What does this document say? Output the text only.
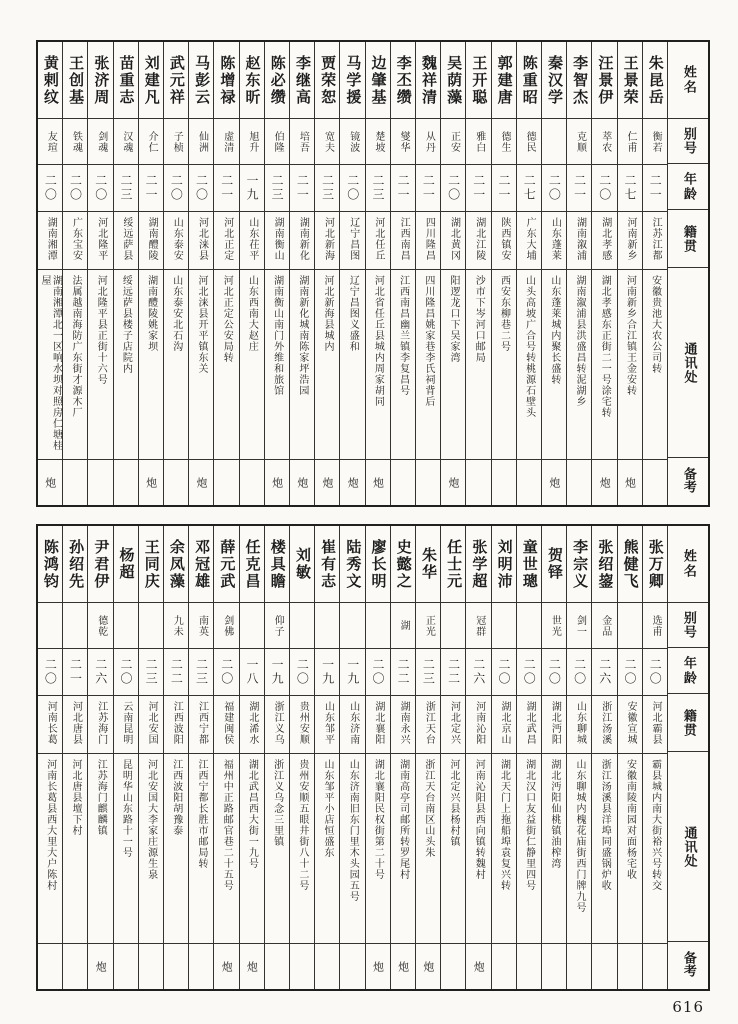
姓名
别号
年龄
籍贯
通讯处
备考
朱昆岳
衡若
二一
江苏江都
安徽贵池大农公司转
王景荣
仁甫
二七
河南新乡
河南新乡合江镇王金安转
炮
汪景伊
萃农
二〇
湖北孝感
湖北孝感东正街二一号涂宅转
炮
李智杰
克顺
二一
湖南溆浦
湖南溆浦县洪盛昌转泥湖乡
秦汉学
二〇
山东蓬莱
山东蓬莱城内聚长盛转
炮
陈重昭
德民
二七
广东大埔
山头高坡广合号转桃源石壁头
郭建唐
德生
二一
陕西镇安
西安东柳巷二号
王开聪
雅白
二一
湖北江陵
沙市下岑河口邮局
吴荫藻
正安
二〇
湖北黄冈
阳逻龙口下吴家湾
炮
魏祥清
从丹
二一
四川隆昌
四川隆昌姚家巷李氏祠背后
李丕缵
燮华
二一
江西南昌
江西南昌幽兰镇李复昌号
边肇基
楚坡
二三
河北任丘
河北省任丘县城内周家胡同
炮
马学援
镜波
二〇
辽宁昌图
辽宁昌图义盛和
炮
贾荣恕
宽夫
二三
河北新海
河北新海县城内
炮
李继高
培吾
二一
湖南新化
湖南新化城南陈家坪浩园
炮
陈必缵
伯隆
二三
湖南衡山
湖南衡山南门外维和旅馆
炮
赵东昕
旭升
一九
山东茌平
山东西南大赵庄
陈增禄
虚清
二一
河北正定
河北正定公安局转
马彭云
仙洲
二〇
河北涞县
河北涞县开平镇东关
炮
武元祥
子桢
二〇
山东泰安
山东泰安北石沟
刘建凡
介仁
二一
湖南醴陵
湖南醴陵姚家坝
炮
苗重志
汉魂
二三
绥远萨县
绥远萨县楼子店院内
张济周
剑魂
二〇
河北隆平
河北隆平县正街十六号
王创基
铁魂
二〇
广东宝安
法属越南海防广东街才源木厂
黄剌纹
友瑄
二〇
湖南湘潭
湖南湘潭北一区响水坝对照房仁塘桂屋
炮
姓名
别号
年龄
籍贯
通讯处
备考
张万卿
选甫
二〇
河北霸县
霸县城内南大街裕兴号转交
熊健飞
二〇
安徽宣城
安徽南陵南园对面杨宅收
张绍鋆
金品
二六
浙江汤溪
浙江汤溪县洋埠同盛锅炉收
李宗义
剑一
二〇
山东聊城
山东聊城内槐花庙街西门牌九号
贺铎
世光
二〇
湖北沔阳
湖北沔阳仙桃镇油榨湾
童世璁
二〇
湖北武昌
湖北汉口友益街仁静里四号
刘明沛
二〇
湖北京山
湖北天门上拖船埠袁复兴转
张学超
冠群
二六
河南沁阳
河南沁阳县西向镇转魏村
炮
任士元
二二
河北定兴
河北定兴县杨村镇
朱华
正光
二三
浙江天台
浙江天台南区山头朱
炮
史懿之
湖
二二
湖南永兴
湖南高亭司邮所转罗尾村
炮
廖长明
二〇
湖北襄阳
湖北襄阳民权街第二十号
炮
陆秀文
一九
山东济南
山东济南旧东门里木头园五号
崔有志
一九
山东邹平
山东邹平小店恒盛东
刘敏
二〇
贵州安顺
贵州安顺五眼井街八十二号
楼具瞻
仰子
一九
浙江义乌
浙江义乌念三里镇
任克昌
一八
湖北浠水
湖北武昌西大街一九号
炮
薛元武
剑佛
二〇
福建闽侯
福州中正路邮官巷二十五号
炮
邓冠雄
南英
二三
江西宁都
江西宁都长胜市邮局转
余凤藻
九未
二二
江西波阳
江西波阳胡豫泰
王同庆
二三
河北安国
河北安国大李家庄源生泉
杨超
二〇
云南昆明
昆明华山东路十一号
尹君伊
德乾
二六
江苏海门
江苏海门麒麟镇
炮
孙绍先
二一
河北唐县
河北唐县壇下村
陈鸿钧
二〇
河南长葛
河南长葛县西大里大户陈村
616
